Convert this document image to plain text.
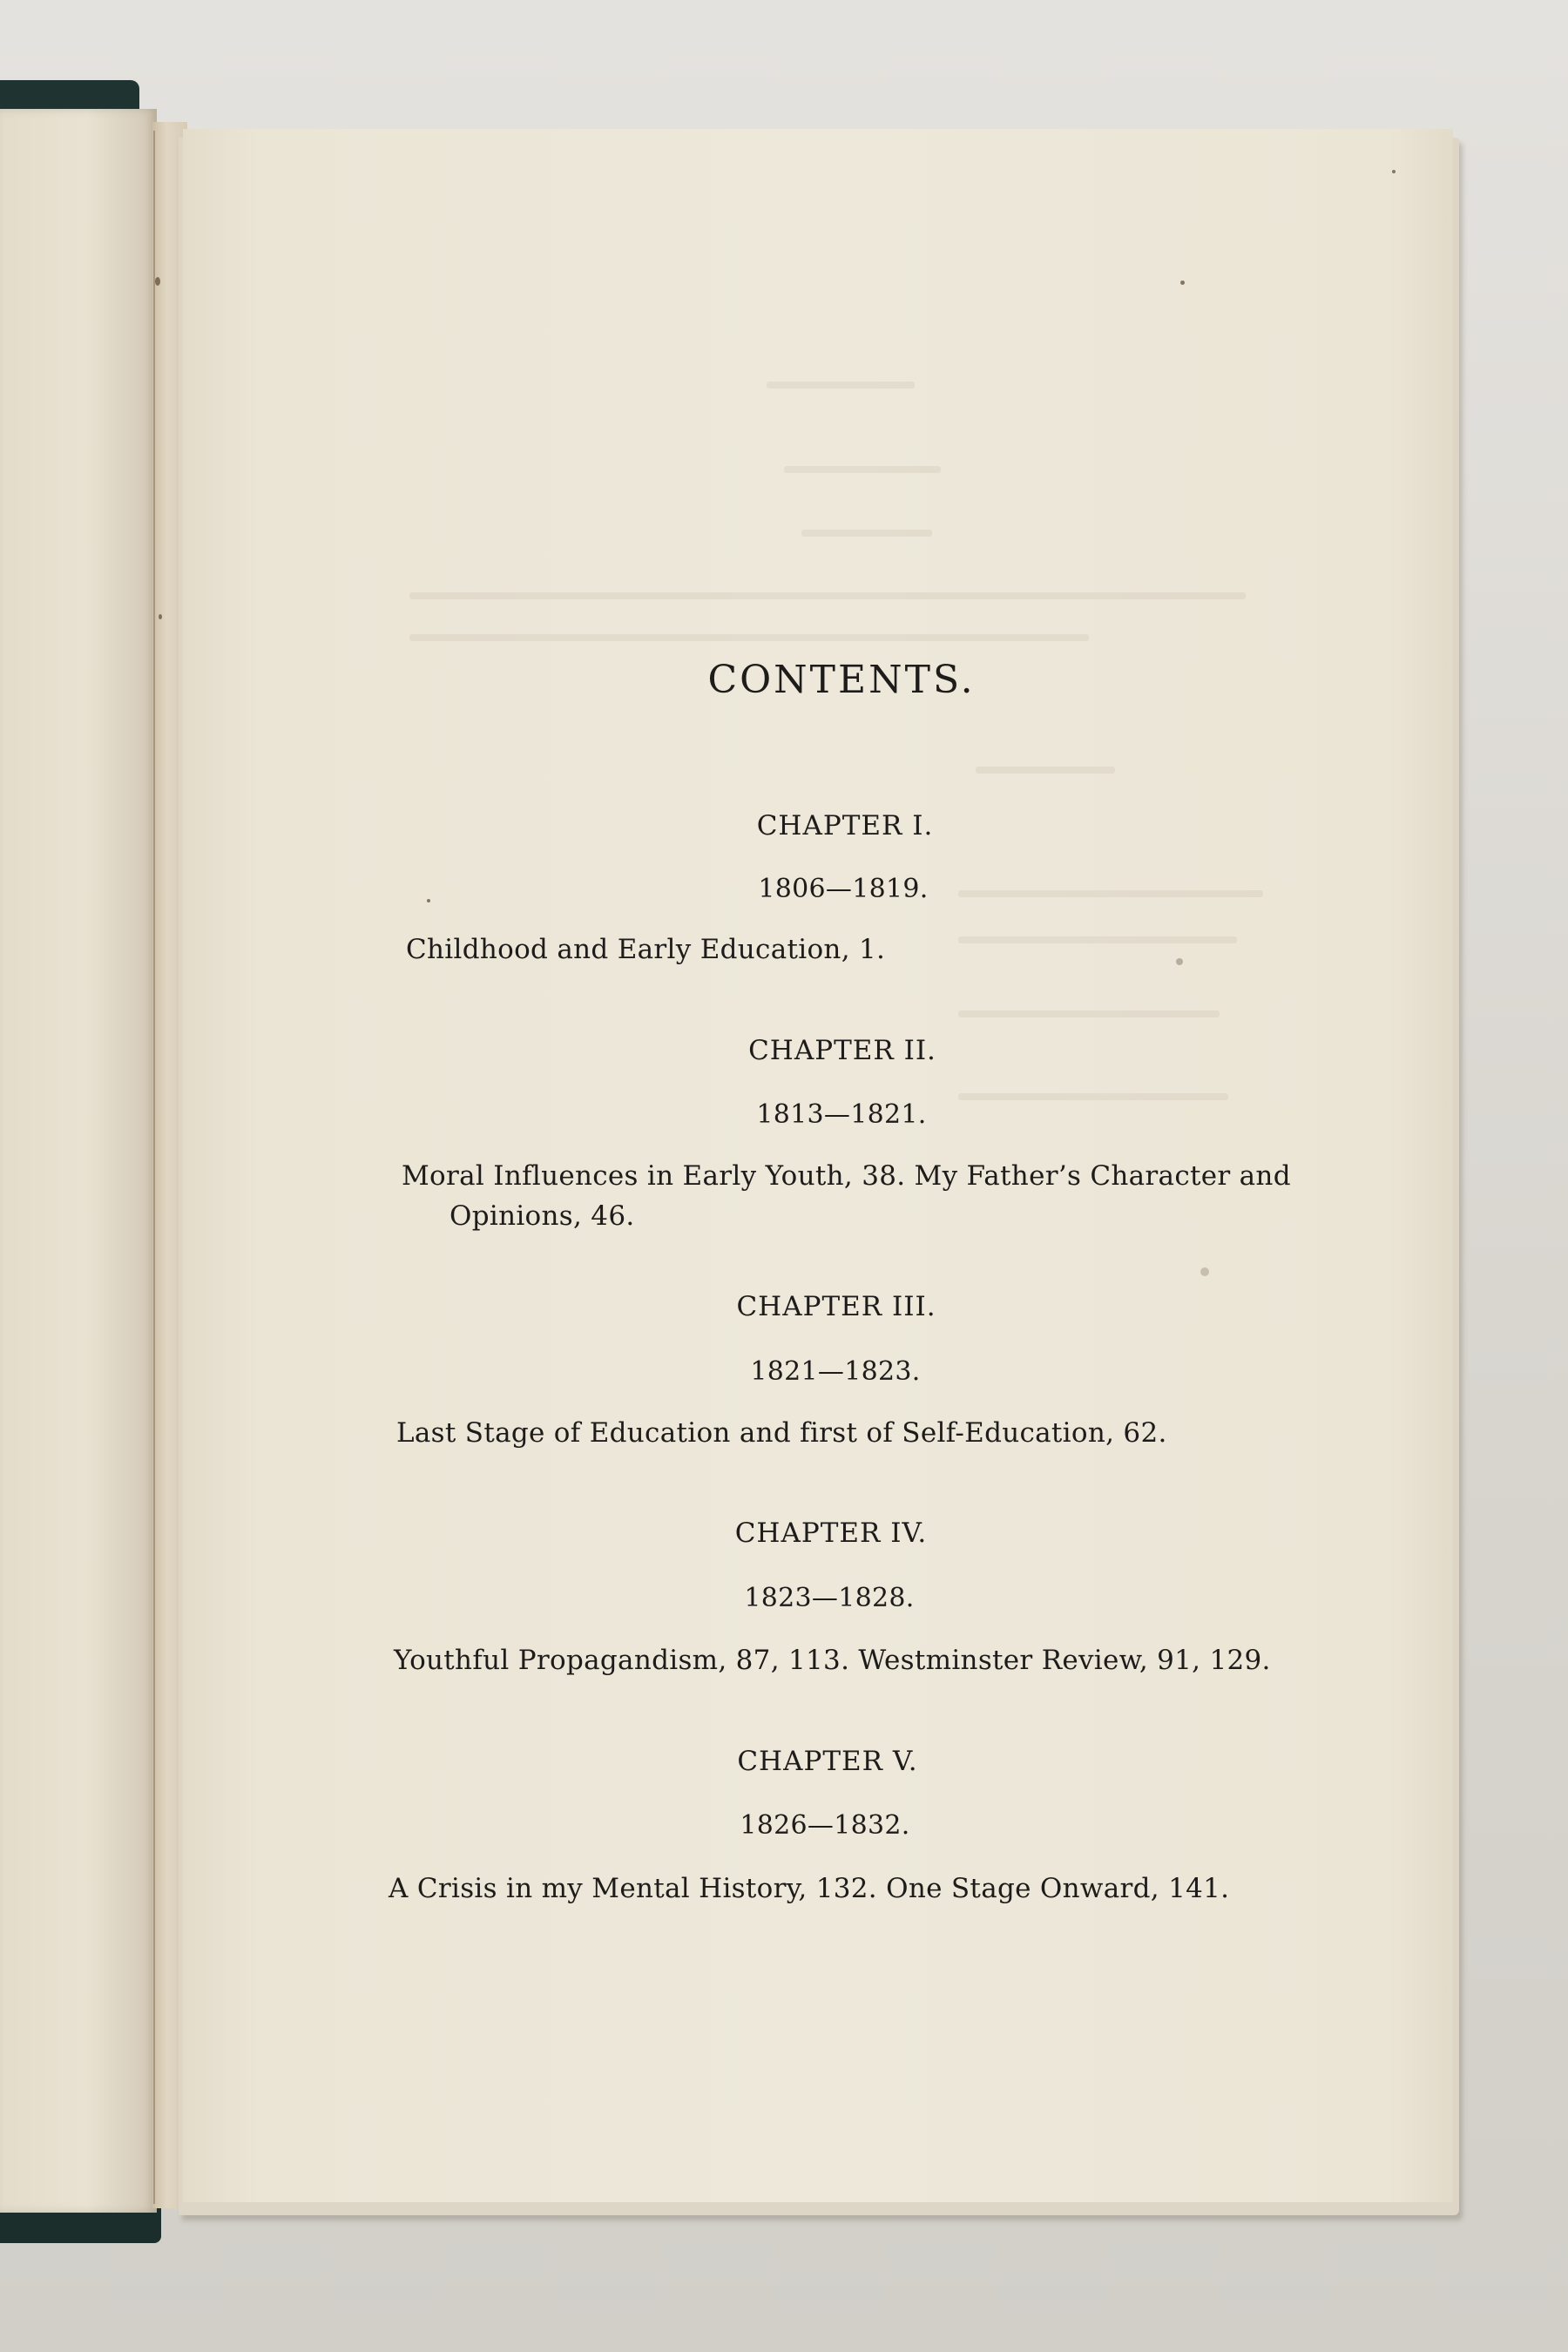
CONTENTS.
CHAPTER I.
1806—1819.
Childhood and Early Education, 1.
CHAPTER II.
1813—1821.
Moral Influences in Early Youth, 38. My Father’s Character and
Opinions, 46.
CHAPTER III.
1821—1823.
Last Stage of Education and first of Self-Education, 62.
CHAPTER IV.
1823—1828.
Youthful Propagandism, 87, 113. Westminster Review, 91, 129.
CHAPTER V.
1826—1832.
A Crisis in my Mental History, 132. One Stage Onward, 141.
